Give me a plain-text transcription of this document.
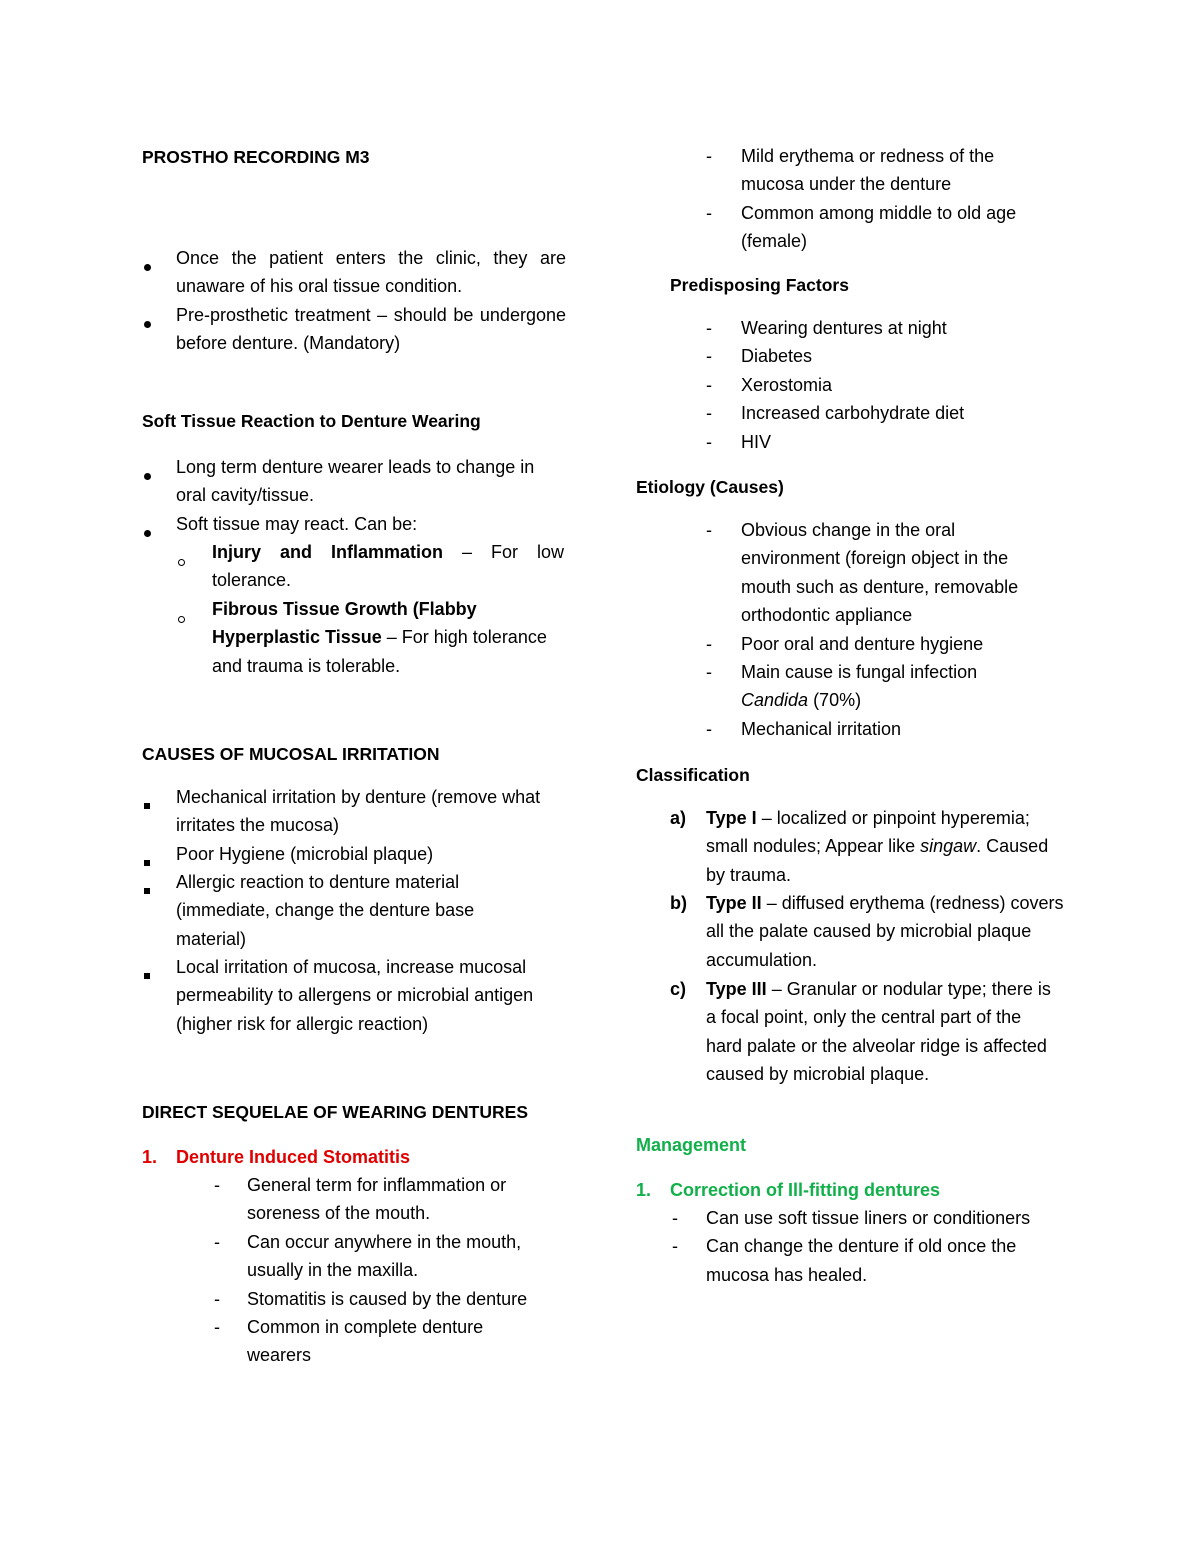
PROSTHO RECORDING M3
Once the patient enters the clinic, they are unaware of his oral tissue condition.
Pre-prosthetic treatment – should be undergone before denture. (Mandatory)
Soft Tissue Reaction to Denture Wearing
Long term denture wearer leads to change in oral cavity/tissue.
Soft tissue may react. Can be:
Injury and Inflammation – For low tolerance.
Fibrous Tissue Growth (Flabby Hyperplastic Tissue – For high tolerance and trauma is tolerable.
CAUSES OF MUCOSAL IRRITATION
Mechanical irritation by denture (remove what irritates the mucosa)
Poor Hygiene (microbial plaque)
Allergic reaction to denture material (immediate, change the denture base material)
Local irritation of mucosa, increase mucosal permeability to allergens or microbial antigen (higher risk for allergic reaction)
DIRECT SEQUELAE OF WEARING DENTURES
1. Denture Induced Stomatitis
- General term for inflammation or soreness of the mouth.
- Can occur anywhere in the mouth, usually in the maxilla.
- Stomatitis is caused by the denture
- Common in complete denture wearers
- Mild erythema or redness of the mucosa under the denture
- Common among middle to old age (female)
Predisposing Factors
- Wearing dentures at night
- Diabetes
- Xerostomia
- Increased carbohydrate diet
- HIV
Etiology (Causes)
- Obvious change in the oral environment (foreign object in the mouth such as denture, removable orthodontic appliance
- Poor oral and denture hygiene
- Main cause is fungal infection
Candida (70%)
- Mechanical irritation
Classification
a) Type I – localized or pinpoint hyperemia; small nodules; Appear like singaw. Caused by trauma.
b) Type II – diffused erythema (redness) covers all the palate caused by microbial plaque accumulation.
c) Type III – Granular or nodular type; there is a focal point, only the central part of the hard palate or the alveolar ridge is affected caused by microbial plaque.
Management
1. Correction of Ill-fitting dentures
- Can use soft tissue liners or conditioners
- Can change the denture if old once the mucosa has healed.
